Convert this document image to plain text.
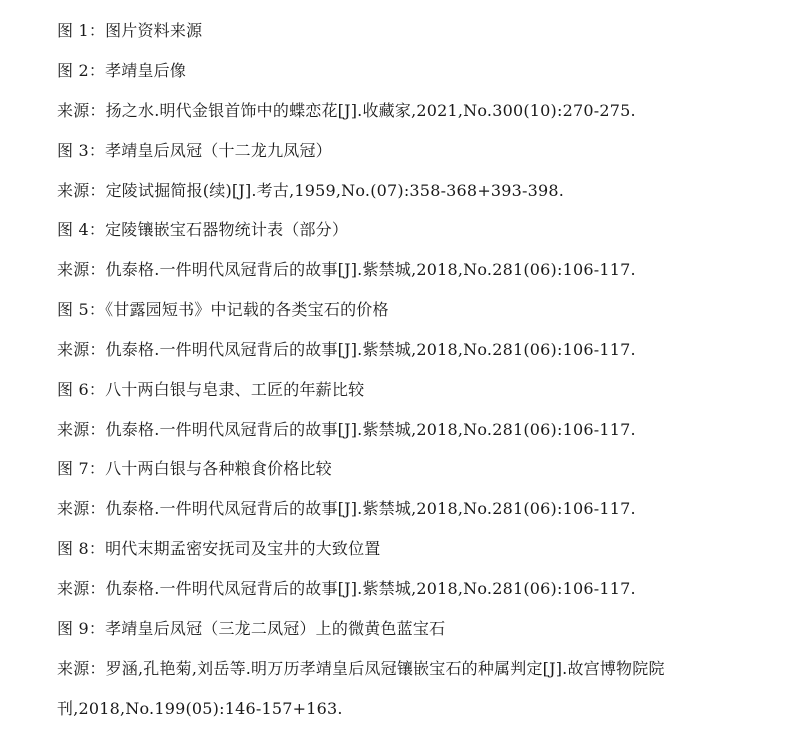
图 1：图片资料来源
图 2：孝靖皇后像
来源：扬之水.明代金银首饰中的蝶恋花[J].收藏家,2021,No.300(10):270-275.
图 3：孝靖皇后凤冠（十二龙九凤冠）
来源：定陵试掘简报(续)[J].考古,1959,No.(07):358-368+393-398.
图 4：定陵镶嵌宝石器物统计表（部分）
来源：仇泰格.一件明代凤冠背后的故事[J].紫禁城,2018,No.281(06):106-117.
图 5：《甘露园短书》中记载的各类宝石的价格
来源：仇泰格.一件明代凤冠背后的故事[J].紫禁城,2018,No.281(06):106-117.
图 6：八十两白银与皂隶、工匠的年薪比较
来源：仇泰格.一件明代凤冠背后的故事[J].紫禁城,2018,No.281(06):106-117.
图 7：八十两白银与各种粮食价格比较
来源：仇泰格.一件明代凤冠背后的故事[J].紫禁城,2018,No.281(06):106-117.
图 8：明代末期孟密安抚司及宝井的大致位置
来源：仇泰格.一件明代凤冠背后的故事[J].紫禁城,2018,No.281(06):106-117.
图 9：孝靖皇后凤冠（三龙二凤冠）上的微黄色蓝宝石
来源：罗涵,孔艳菊,刘岳等.明万历孝靖皇后凤冠镶嵌宝石的种属判定[J].故宫博物院院刊,2018,No.199(05):146-157+163.
